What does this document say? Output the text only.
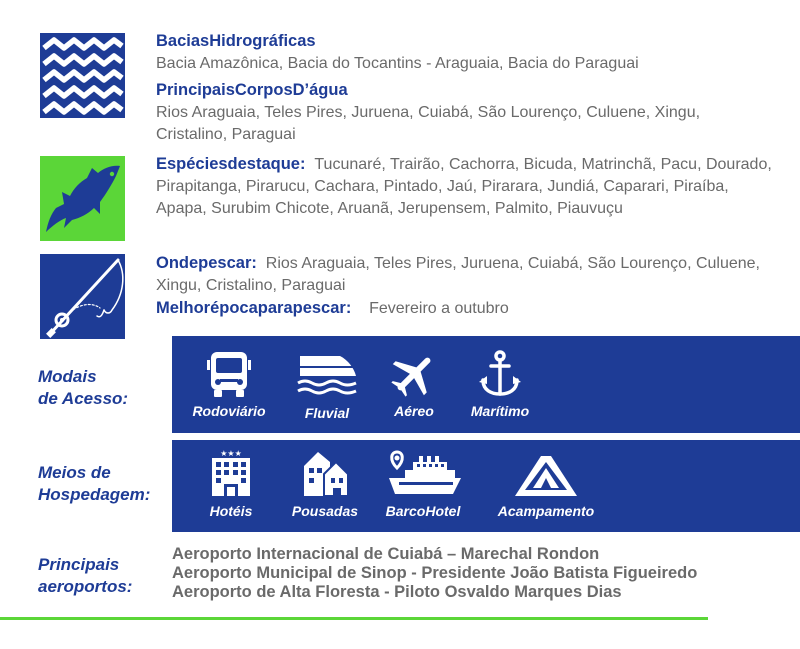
BaciasHidrográficas

Bacia Amazônica, Bacia do Tocantins - Araguaia, Bacia do Paraguai

PrincipaisCorposD’água

Rios Araguaia, Teles Pires, Juruena, Cuiabá, São Lourenço, Culuene, Xingu, Cristalino, Paraguai

Espéciesdestaque: Tucunaré, Trairão, Cachorra, Bicuda, Matrinchã, Pacu, Dourado, Pirapitanga, Pirarucu, Cachara, Pintado, Jaú, Pirarara, Jundiá, Caparari, Piraíba, Apapa, Surubim Chicote, Aruanã, Jerupensem, Palmito, Piauvuçu

Ondepescar: Rios Araguaia, Teles Pires, Juruena, Cuiabá, São Lourenço, Culuene, Xingu, Cristalino, Paraguai

Melhorépocaparapescar: Fevereiro a outubro

Modais
de Acesso:
Rodoviário	Fluvial	Aéreo	Marítimo
Meios de
Hospedagem:
★★★
Hotéis	Pousadas	BarcoHotel	Acampamento
Principais
aeroportos:
Aeroporto Internacional de Cuiabá – Marechal Rondon
Aeroporto Municipal de Sinop - Presidente João Batista Figueiredo
Aeroporto de Alta Floresta - Piloto Osvaldo Marques Dias
